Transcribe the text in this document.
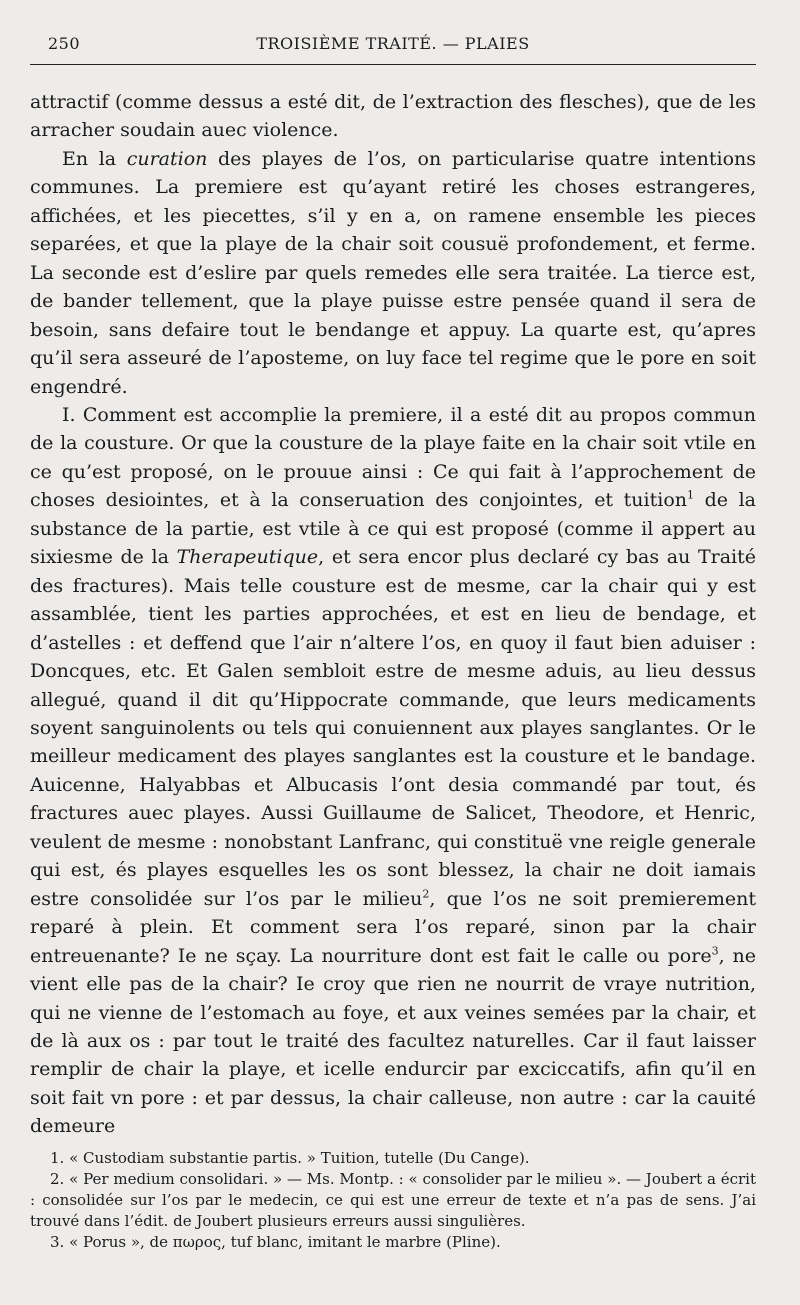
250	TROISIÈME TRAITÉ. — PLAIES

attractif (comme dessus a esté dit, de l’extraction des flesches), que de les arracher soudain auec violence.

En la curation des playes de l’os, on particularise quatre intentions communes. La premiere est qu’ayant retiré les choses estrangeres, affichées, et les piecettes, s’il y en a, on ramene ensemble les pieces separées, et que la playe de la chair soit cousuë profondement, et ferme. La seconde est d’eslire par quels remedes elle sera traitée. La tierce est, de bander tellement, que la playe puisse estre pensée quand il sera de besoin, sans defaire tout le bendange et appuy. La quarte est, qu’apres qu’il sera asseuré de l’aposteme, on luy face tel regime que le pore en soit engendré.

I. Comment est accomplie la premiere, il a esté dit au propos commun de la cousture. Or que la cousture de la playe faite en la chair soit vtile en ce qu’est proposé, on le prouue ainsi : Ce qui fait à l’approchement de choses desiointes, et à la conseruation des conjointes, et tuition$^1$ de la substance de la partie, est vtile à ce qui est proposé (comme il appert au sixiesme de la Therapeutique, et sera encor plus declaré cy bas au Traité des fractures). Mais telle cousture est de mesme, car la chair qui y est assamblée, tient les parties approchées, et est en lieu de bendage, et d’astelles : et deffend que l’air n’altere l’os, en quoy il faut bien aduiser : Doncques, etc. Et Galen sembloit estre de mesme aduis, au lieu dessus allegué, quand il dit qu’Hippocrate commande, que leurs medicaments soyent sanguinolents ou tels qui conuiennent aux playes sanglantes. Or le meilleur medicament des playes sanglantes est la cousture et le bandage. Auicenne, Halyabbas et Albucasis l’ont desia commandé par tout, és fractures auec playes. Aussi Guillaume de Salicet, Theodore, et Henric, veulent de mesme : nonobstant Lanfranc, qui constituë vne reigle generale qui est, és playes esquelles les os sont blessez, la chair ne doit iamais estre consolidée sur l’os par le milieu$^2$, que l’os ne soit premierement reparé à plein. Et comment sera l’os reparé, sinon par la chair entreuenante? Ie ne sçay. La nourriture dont est fait le calle ou pore$^3$, ne vient elle pas de la chair? Ie croy que rien ne nourrit de vraye nutrition, qui ne vienne de l’estomach au foye, et aux veines semées par la chair, et de là aux os : par tout le traité des facultez naturelles. Car il faut laisser remplir de chair la playe, et icelle endurcir par exciccatifs, afin qu’il en soit fait vn pore : et par dessus, la chair calleuse, non autre : car la cauité demeure

1. « Custodiam substantie partis. » Tuition, tutelle (Du Cange).

2. « Per medium consolidari. » — Ms. Montp. : « consolider par le milieu ». — Joubert a écrit : consolidée sur l’os par le medecin, ce qui est une erreur de texte et n’a pas de sens. J’ai trouvé dans l’édit. de Joubert plusieurs erreurs aussi singulières.

3. « Porus », de πωρος, tuf blanc, imitant le marbre (Pline).
